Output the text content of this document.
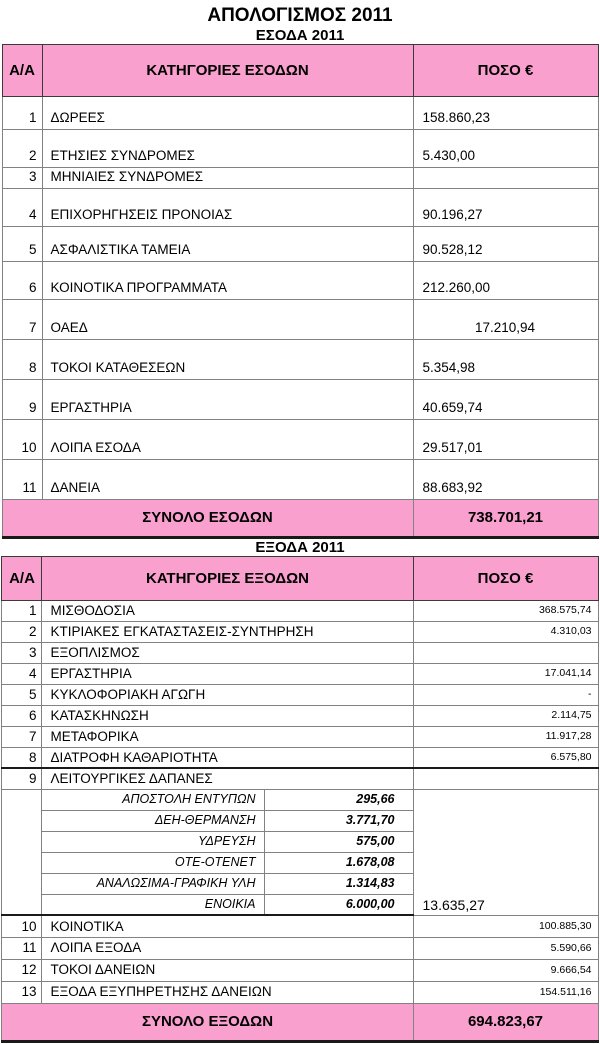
ΑΠΟΛΟΓΙΣΜΟΣ 2011
ΕΣΟΔΑ 2011
Α/Α	ΚΑΤΗΓΟΡΙΕΣ ΕΣΟΔΩΝ	ΠΟΣΟ €
1	ΔΩΡΕΕΣ	158.860,23
2	ΕΤΗΣΙΕΣ ΣΥΝΔΡΟΜΕΣ	5.430,00
3	ΜΗΝΙΑΙΕΣ ΣΥΝΔΡΟΜΕΣ	
4	ΕΠΙΧΟΡΗΓΗΣΕΙΣ ΠΡΟΝΟΙΑΣ	90.196,27
5	ΑΣΦΑΛΙΣΤΙΚΑ ΤΑΜΕΙΑ	90.528,12
6	ΚΟΙΝΟΤΙΚΑ ΠΡΟΓΡΑΜΜΑΤΑ	212.260,00
7	ΟΑΕΔ	17.210,94
8	ΤΟΚΟΙ ΚΑΤΑΘΕΣΕΩΝ	5.354,98
9	ΕΡΓΑΣΤΗΡΙΑ	40.659,74
10	ΛΟΙΠΑ ΕΣΟΔΑ	29.517,01
11	ΔΑΝΕΙΑ	88.683,92
ΣΥΝΟΛΟ ΕΣΟΔΩΝ		738.701,21
ΕΞΟΔΑ 2011
Α/Α	ΚΑΤΗΓΟΡΙΕΣ ΕΞΟΔΩΝ		ΠΟΣΟ €
1	ΜΙΣΘΟΔΟΣΙΑ		368.575,74
2	ΚΤΙΡΙΑΚΕΣ ΕΓΚΑΤΑΣΤΑΣΕΙΣ-ΣΥΝΤΗΡΗΣΗ		4.310,03
3	ΕΞΟΠΛΙΣΜΟΣ		
4	ΕΡΓΑΣΤΗΡΙΑ		17.041,14
5	ΚΥΚΛΟΦΟΡΙΑΚΗ ΑΓΩΓΗ		-
6	ΚΑΤΑΣΚΗΝΩΣΗ		2.114,75
7	ΜΕΤΑΦΟΡΙΚΑ		11.917,28
8	ΔΙΑΤΡΟΦΗ ΚΑΘΑΡΙΟΤΗΤΑ		6.575,80
9	ΛΕΙΤΟΥΡΓΙΚΕΣ ΔΑΠΑΝΕΣ		
	ΑΠΟΣΤΟΛΗ ΕΝΤΥΠΩΝ	295,66	13.635,27
	ΔΕΗ-ΘΕΡΜΑΝΣΗ	3.771,70	
	ΥΔΡΕΥΣΗ	575,00	
	ΟΤΕ-ΟΤΕΝΕΤ	1.678,08	
	ΑΝΑΛΩΣΙΜΑ-ΓΡΑΦΙΚΗ ΥΛΗ	1.314,83	
	ΕΝΟΙΚΙΑ	6.000,00	
10	ΚΟΙΝΟΤΙΚΑ		100.885,30
11	ΛΟΙΠΑ ΕΞΟΔΑ		5.590,66
12	ΤΟΚΟΙ ΔΑΝΕΙΩΝ		9.666,54
13	ΕΞΟΔΑ ΕΞΥΠΗΡΕΤΗΣΗΣ ΔΑΝΕΙΩΝ		154.511,16
ΣΥΝΟΛΟ ΕΞΟΔΩΝ			694.823,67
